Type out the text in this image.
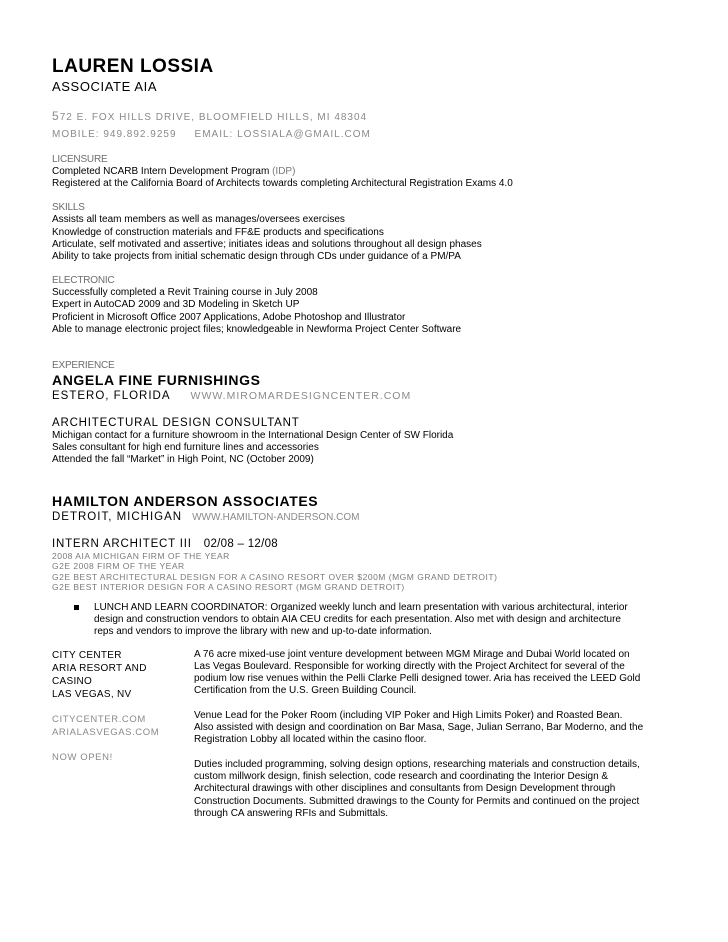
LAUREN LOSSIA
ASSOCIATE AIA
572 E. FOX HILLS DRIVE, BLOOMFIELD HILLS, MI 48304
MOBILE: 949.892.9259 EMAIL: LOSSIALA@GMAIL.COM
LICENSURE
Completed NCARB Intern Development Program (IDP)
Registered at the California Board of Architects towards completing Architectural Registration Exams 4.0
SKILLS
Assists all team members as well as manages/oversees exercises
Knowledge of construction materials and FF&E products and specifications
Articulate, self motivated and assertive; initiates ideas and solutions throughout all design phases
Ability to take projects from initial schematic design through CDs under guidance of a PM/PA
ELECTRONIC
Successfully completed a Revit Training course in July 2008
Expert in AutoCAD 2009 and 3D Modeling in Sketch UP
Proficient in Microsoft Office 2007 Applications, Adobe Photoshop and Illustrator
Able to manage electronic project files; knowledgeable in Newforma Project Center Software
EXPERIENCE
ANGELA FINE FURNISHINGS
ESTERO, FLORIDA WWW.MIROMARDESIGNCENTER.COM
ARCHITECTURAL DESIGN CONSULTANT
Michigan contact for a furniture showroom in the International Design Center of SW Florida
Sales consultant for high end furniture lines and accessories
Attended the fall “Market” in High Point, NC (October 2009)
HAMILTON ANDERSON ASSOCIATES
DETROIT, MICHIGAN WWW.HAMILTON-ANDERSON.COM
INTERN ARCHITECT III 02/08 – 12/08
2008 AIA MICHIGAN FIRM OF THE YEAR
G2E 2008 FIRM OF THE YEAR
G2E BEST ARCHITECTURAL DESIGN FOR A CASINO RESORT OVER $200M (MGM GRAND DETROIT)
G2E BEST INTERIOR DESIGN FOR A CASINO RESORT (MGM GRAND DETROIT)
LUNCH AND LEARN COORDINATOR: Organized weekly lunch and learn presentation with various architectural, interior
design and construction vendors to obtain AIA CEU credits for each presentation. Also met with design and architecture
reps and vendors to improve the library with new and up-to-date information.
CITY CENTER
ARIA RESORT AND
CASINO
LAS VEGAS, NV
CITYCENTER.COM
ARIALASVEGAS.COM
NOW OPEN!
A 76 acre mixed-use joint venture development between MGM Mirage and Dubai World located on
Las Vegas Boulevard. Responsible for working directly with the Project Architect for several of the
podium low rise venues within the Pelli Clarke Pelli designed tower. Aria has received the LEED Gold
Certification from the U.S. Green Building Council.
Venue Lead for the Poker Room (including VIP Poker and High Limits Poker) and Roasted Bean.
Also assisted with design and coordination on Bar Masa, Sage, Julian Serrano, Bar Moderno, and the
Registration Lobby all located within the casino floor.
Duties included programming, solving design options, researching materials and construction details,
custom millwork design, finish selection, code research and coordinating the Interior Design &
Architectural drawings with other disciplines and consultants from Design Development through
Construction Documents. Submitted drawings to the County for Permits and continued on the project
through CA answering RFIs and Submittals.
